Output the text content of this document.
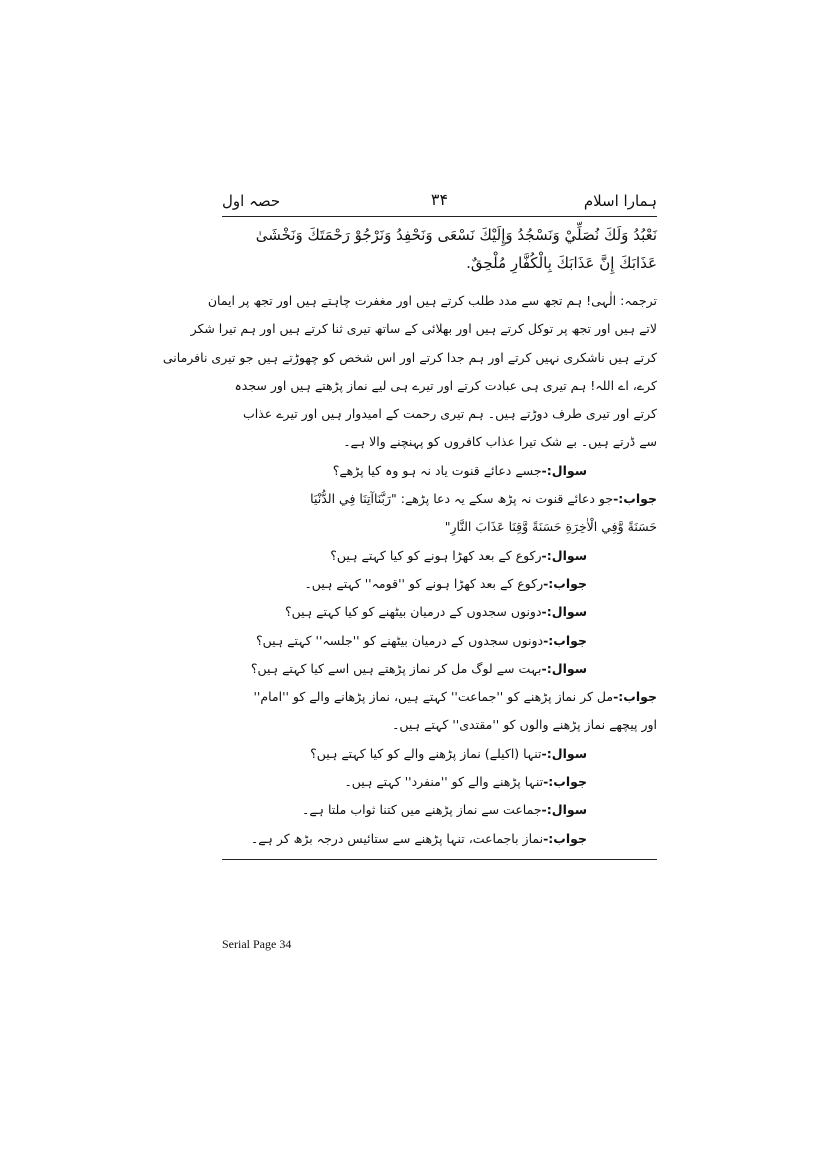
ہمارا اسلام
۳۴
حصہ اول

نَعْبُدُ وَلَكَ نُصَلِّيْ وَنَسْجُدُ وَإِلَيْكَ نَسْعَى وَنَحْفِدُ وَنَرْجُوْ رَحْمَتَكَ وَنَخْشَىٰ

عَذَابَكَ إِنَّ عَذَابَكَ بِالْكُفَّارِ مُلْحِقٌ.

ترجمہ: الٰہی! ہم تجھ سے مدد طلب کرتے ہیں اور مغفرت چاہتے ہیں اور تجھ پر ایمان
لاتے ہیں اور تجھ پر توکل کرتے ہیں اور بھلائی کے ساتھ تیری ثنا کرتے ہیں اور ہم تیرا شکر
کرتے ہیں ناشکری نہیں کرتے اور ہم جدا کرتے اور اس شخص کو چھوڑتے ہیں جو تیری نافرمانی
کرے، اے اللہ! ہم تیری ہی عبادت کرتے اور تیرے ہی لیے نماز پڑھتے ہیں اور سجدہ
کرتے اور تیری طرف دوڑتے ہیں۔ ہم تیری رحمت کے امیدوار ہیں اور تیرے عذاب
سے ڈرتے ہیں۔ بے شک تیرا عذاب کافروں کو پہنچنے والا ہے۔
سوال:-جسے دعائے قنوت یاد نہ ہو وہ کیا پڑھے؟
جواب:-جو دعائے قنوت نہ پڑھ سکے یہ دعا پڑھے: "رَبَّنَاآتِنَا فِي الدُّنْيَا
حَسَنَةً وَّفِي الْاٰخِرَةِ حَسَنَةً وَّقِنَا عَذَابَ النَّارِ"
سوال:-رکوع کے بعد کھڑا ہونے کو کیا کہتے ہیں؟
جواب:-رکوع کے بعد کھڑا ہونے کو ''قومہ'' کہتے ہیں۔
سوال:-دونوں سجدوں کے درمیان بیٹھنے کو کیا کہتے ہیں؟
جواب:-دونوں سجدوں کے درمیان بیٹھنے کو ''جلسہ'' کہتے ہیں؟
سوال:-بہت سے لوگ مل کر نماز پڑھتے ہیں اسے کیا کہتے ہیں؟
جواب:-مل کر نماز پڑھنے کو ''جماعت'' کہتے ہیں، نماز پڑھانے والے کو ''امام''
اور پیچھے نماز پڑھنے والوں کو ''مقتدی'' کہتے ہیں۔
سوال:-تنہا (اکیلے) نماز پڑھنے والے کو کیا کہتے ہیں؟
جواب:-تنہا پڑھنے والے کو ''منفرد'' کہتے ہیں۔
سوال:-جماعت سے نماز پڑھنے میں کتنا ثواب ملتا ہے۔
جواب:-نماز باجماعت، تنہا پڑھنے سے ستائیس درجہ بڑھ کر ہے۔
Serial Page 34
